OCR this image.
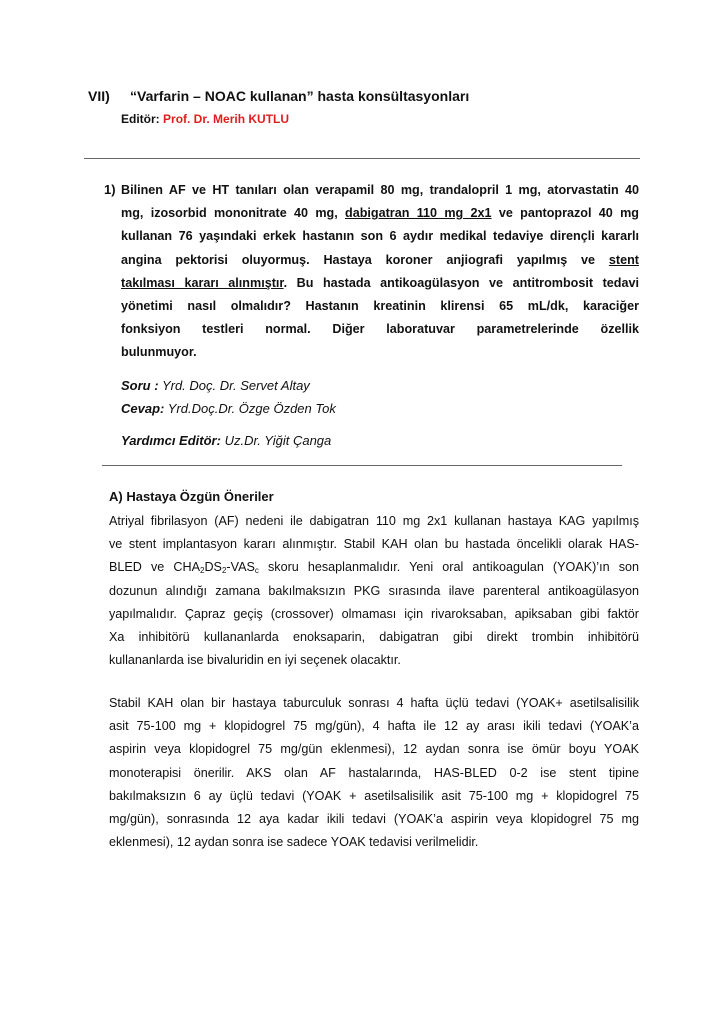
VII) “Varfarin – NOAC kullanan” hasta konsültasyonları
Editör: Prof. Dr. Merih KUTLU
1) Bilinen AF ve HT tanıları olan verapamil 80 mg, trandalopril 1 mg, atorvastatin 40
mg, izosorbid mononitrate 40 mg, dabigatran 110 mg 2x1 ve pantoprazol 40 mg
kullanan 76 yaşındaki erkek hastanın son 6 aydır medikal tedaviye dirençli kararlı
angina pektorisi oluyormuş. Hastaya koroner anjiografi yapılmış ve stent
takılması kararı alınmıştır. Bu hastada antikoagülasyon ve antitrombosit tedavi
yönetimi nasıl olmalıdır? Hastanın kreatinin klirensi 65 mL/dk, karaciğer
fonksiyon testleri normal. Diğer laboratuvar parametrelerinde özellik
bulunmuyor.
Soru : Yrd. Doç. Dr. Servet Altay
Cevap: Yrd.Doç.Dr. Özge Özden Tok
Yardımcı Editör: Uz.Dr. Yiğit Çanga
A) Hastaya Özgün Öneriler
Atriyal fibrilasyon (AF) nedeni ile dabigatran 110 mg 2x1 kullanan hastaya KAG yapılmış
ve stent implantasyon kararı alınmıştır. Stabil KAH olan bu hastada öncelikli olarak HAS-
BLED ve $CHA_2DS_2-VAS_c$ skoru hesaplanmalıdır. Yeni oral antikoagulan (YOAK)’ın son
dozunun alındığı zamana bakılmaksızın PKG sırasında ilave parenteral antikoagülasyon
yapılmalıdır. Çapraz geçiş (crossover) olmaması için rivaroksaban, apiksaban gibi faktör
Xa inhibitörü kullananlarda enoksaparin, dabigatran gibi direkt trombin inhibitörü
kullananlarda ise bivaluridin en iyi seçenek olacaktır.
Stabil KAH olan bir hastaya taburculuk sonrası 4 hafta üçlü tedavi (YOAK+ asetilsalisilik
asit 75-100 mg + klopidogrel 75 mg/gün), 4 hafta ile 12 ay arası ikili tedavi (YOAK’a
aspirin veya klopidogrel 75 mg/gün eklenmesi), 12 aydan sonra ise ömür boyu YOAK
monoterapisi önerilir. AKS olan AF hastalarında, HAS-BLED 0-2 ise stent tipine
bakılmaksızın 6 ay üçlü tedavi (YOAK + asetilsalisilik asit 75-100 mg + klopidogrel 75
mg/gün), sonrasında 12 aya kadar ikili tedavi (YOAK’a aspirin veya klopidogrel 75 mg
eklenmesi), 12 aydan sonra ise sadece YOAK tedavisi verilmelidir.
